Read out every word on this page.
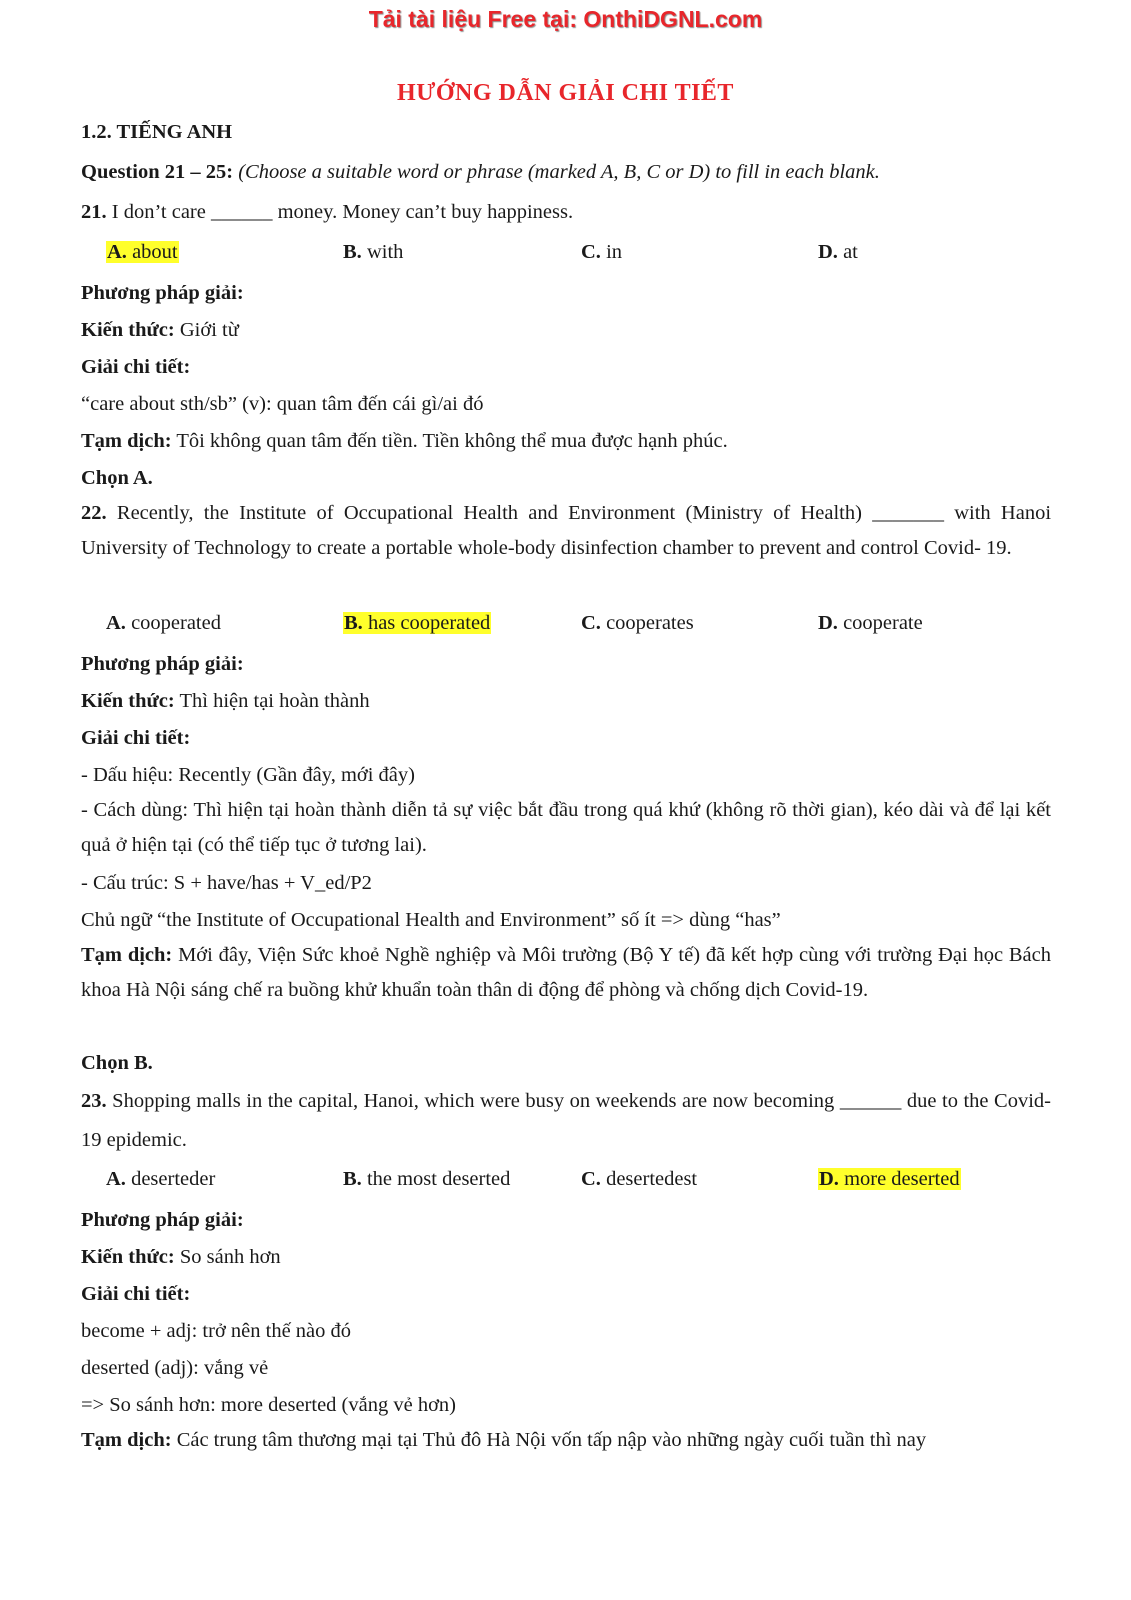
Tải tài liệu Free tại: OnthiDGNL.com
HƯỚNG DẪN GIẢI CHI TIẾT
1.2. TIẾNG ANH
Question 21 – 25: (Choose a suitable word or phrase (marked A, B, C or D) to fill in each blank.
21. I don’t care ______ money. Money can’t buy happiness.
A. about	B. with	C. in	D. at
Phương pháp giải:
Kiến thức: Giới từ
Giải chi tiết:
“care about sth/sb” (v): quan tâm đến cái gì/ai đó
Tạm dịch: Tôi không quan tâm đến tiền. Tiền không thể mua được hạnh phúc.
Chọn A.
22. Recently, the Institute of Occupational Health and Environment (Ministry of Health) _______ with Hanoi University of Technology to create a portable whole-body disinfection chamber to prevent and control Covid- 19.
A. cooperated	B. has cooperated	C. cooperates	D. cooperate
Phương pháp giải:
Kiến thức: Thì hiện tại hoàn thành
Giải chi tiết:
- Dấu hiệu: Recently (Gần đây, mới đây)
- Cách dùng: Thì hiện tại hoàn thành diễn tả sự việc bắt đầu trong quá khứ (không rõ thời gian), kéo dài và để lại kết quả ở hiện tại (có thể tiếp tục ở tương lai).
- Cấu trúc: S + have/has + V_ed/P2
Chủ ngữ “the Institute of Occupational Health and Environment” số ít => dùng “has”
Tạm dịch: Mới đây, Viện Sức khoẻ Nghề nghiệp và Môi trường (Bộ Y tế) đã kết hợp cùng với trường Đại học Bách khoa Hà Nội sáng chế ra buồng khử khuẩn toàn thân di động để phòng và chống dịch Covid-19.
Chọn B.
23. Shopping malls in the capital, Hanoi, which were busy on weekends are now becoming ______ due to the Covid-19 epidemic.
A. deserteder	B. the most deserted	C. desertedest	D. more deserted
Phương pháp giải:
Kiến thức: So sánh hơn
Giải chi tiết:
become + adj: trở nên thế nào đó
deserted (adj): vắng vẻ
=> So sánh hơn: more deserted (vắng vẻ hơn)
Tạm dịch: Các trung tâm thương mại tại Thủ đô Hà Nội vốn tấp nập vào những ngày cuối tuần thì nay
